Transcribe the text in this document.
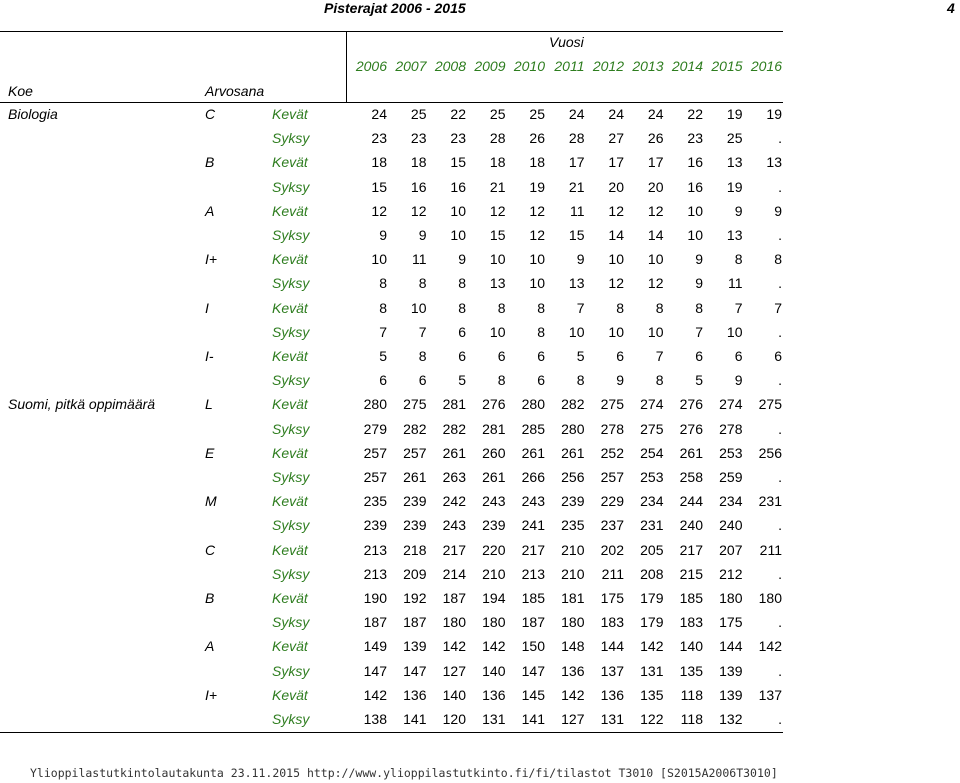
Pisterajat 2006 - 2015	4
Vuosi
2006 2007 2008 2009 2010 2011 2012 2013 2014 2015 2016
Koe	Arvosana
Biologia	C	Kevät	24	25	22	25	25	24	24	24	22	19	19
Syksy	23	23	23	28	26	28	27	26	23	25	.
B	Kevät	18	18	15	18	18	17	17	17	16	13	13
Syksy	15	16	16	21	19	21	20	20	16	19	.
A	Kevät	12	12	10	12	12	11	12	12	10	9	9
Syksy	9	9	10	15	12	15	14	14	10	13	.
I+	Kevät	10	11	9	10	10	9	10	10	9	8	8
Syksy	8	8	8	13	10	13	12	12	9	11	.
I	Kevät	8	10	8	8	8	7	8	8	8	7	7
Syksy	7	7	6	10	8	10	10	10	7	10	.
I-	Kevät	5	8	6	6	6	5	6	7	6	6	6
Syksy	6	6	5	8	6	8	9	8	5	9	.
Suomi, pitkä oppimäärä	L	Kevät	280	275	281	276	280	282	275	274	276	274	275
Syksy	279	282	282	281	285	280	278	275	276	278	.
E	Kevät	257	257	261	260	261	261	252	254	261	253	256
Syksy	257	261	263	261	266	256	257	253	258	259	.
M	Kevät	235	239	242	243	243	239	229	234	244	234	231
Syksy	239	239	243	239	241	235	237	231	240	240	.
C	Kevät	213	218	217	220	217	210	202	205	217	207	211
Syksy	213	209	214	210	213	210	211	208	215	212	.
B	Kevät	190	192	187	194	185	181	175	179	185	180	180
Syksy	187	187	180	180	187	180	183	179	183	175	.
A	Kevät	149	139	142	142	150	148	144	142	140	144	142
Syksy	147	147	127	140	147	136	137	131	135	139	.
I+	Kevät	142	136	140	136	145	142	136	135	118	139	137
Syksy	138	141	120	131	141	127	131	122	118	132	.
Ylioppilastutkintolautakunta 23.11.2015 http://www.ylioppilastutkinto.fi/fi/tilastot T3010 [S2015A2006T3010]
